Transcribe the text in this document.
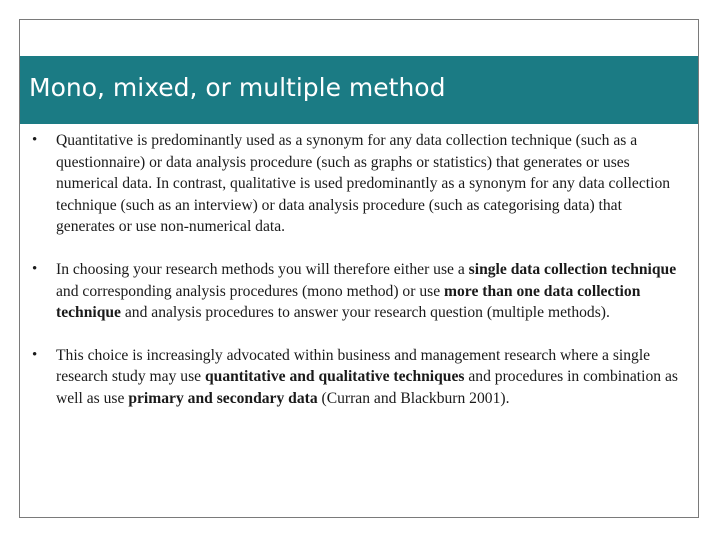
Mono, mixed, or multiple method
• Quantitative is predominantly used as a synonym for any data collection technique (such as a questionnaire) or data analysis procedure (such as graphs or statistics) that generates or uses numerical data. In contrast, qualitative is used predominantly as a synonym for any data collection technique (such as an interview) or data analysis procedure (such as categorising data) that generates or use non-numerical data.
• In choosing your research methods you will therefore either use a single data collection technique and corresponding analysis procedures (mono method) or use more than one data collection technique and analysis procedures to answer your research question (multiple methods).
• This choice is increasingly advocated within business and management research where a single research study may use quantitative and qualitative techniques and procedures in combination as well as use primary and secondary data (Curran and Blackburn 2001).
